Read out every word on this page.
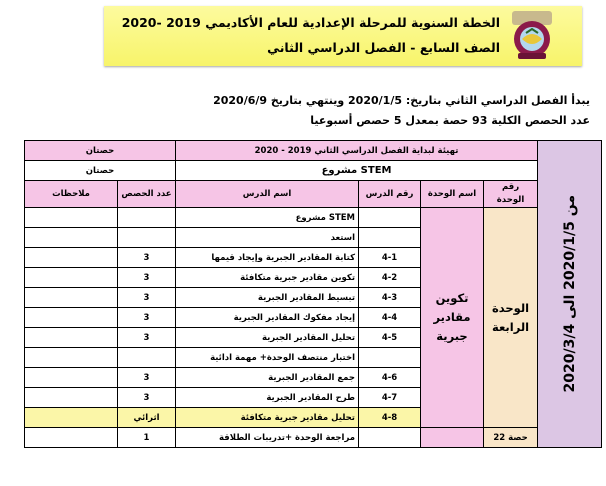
الخطة السنوية للمرحلة الإعدادية للعام الأكاديمي 2019 -2020
الصف السابع - الفصل الدراسي الثاني
يبدأ الفصل الدراسي الثاني بتاريخ: 2020/1/5 وينتهي بتاريخ 2020/6/9
عدد الحصص الكلية 93 حصة بمعدل 5 حصص أسبوعيا
حصتان		تهيئة لبداية الفصل الدراسي الثاني 2019 - 2020				من 2020/1/5 الى 2020/3/4

حصتان		مشروع STEM				
ملاحظات	عدد الحصص	اسم الدرس	رقم الدرس	اسم الوحدة	رقم الوحدة	
		مشروع STEM		تكوين مقادير جبرية	الوحدة الرابعة	

		استعد				
	3	كتابة المقادير الجبرية وإيجاد قيمها	4-1			
	3	تكوين مقادير جبرية متكافئة	4-2			
	3	تبسيط المقادير الجبرية	4-3			
	3	إيجاد مفكوك المقادير الجبرية	4-4			
	3	تحليل المقادير الجبرية	4-5			
		اختبار منتصف الوحدة+ مهمة ادائية				
	3	جمع المقادير الجبرية	4-6			
	3	طرح المقادير الجبرية	4-7			
	اثرائي	تحليل مقادير جبرية متكافئة	4-8			
	1	مراجعة الوحدة +تدريبات الطلاقة			22 حصة	
